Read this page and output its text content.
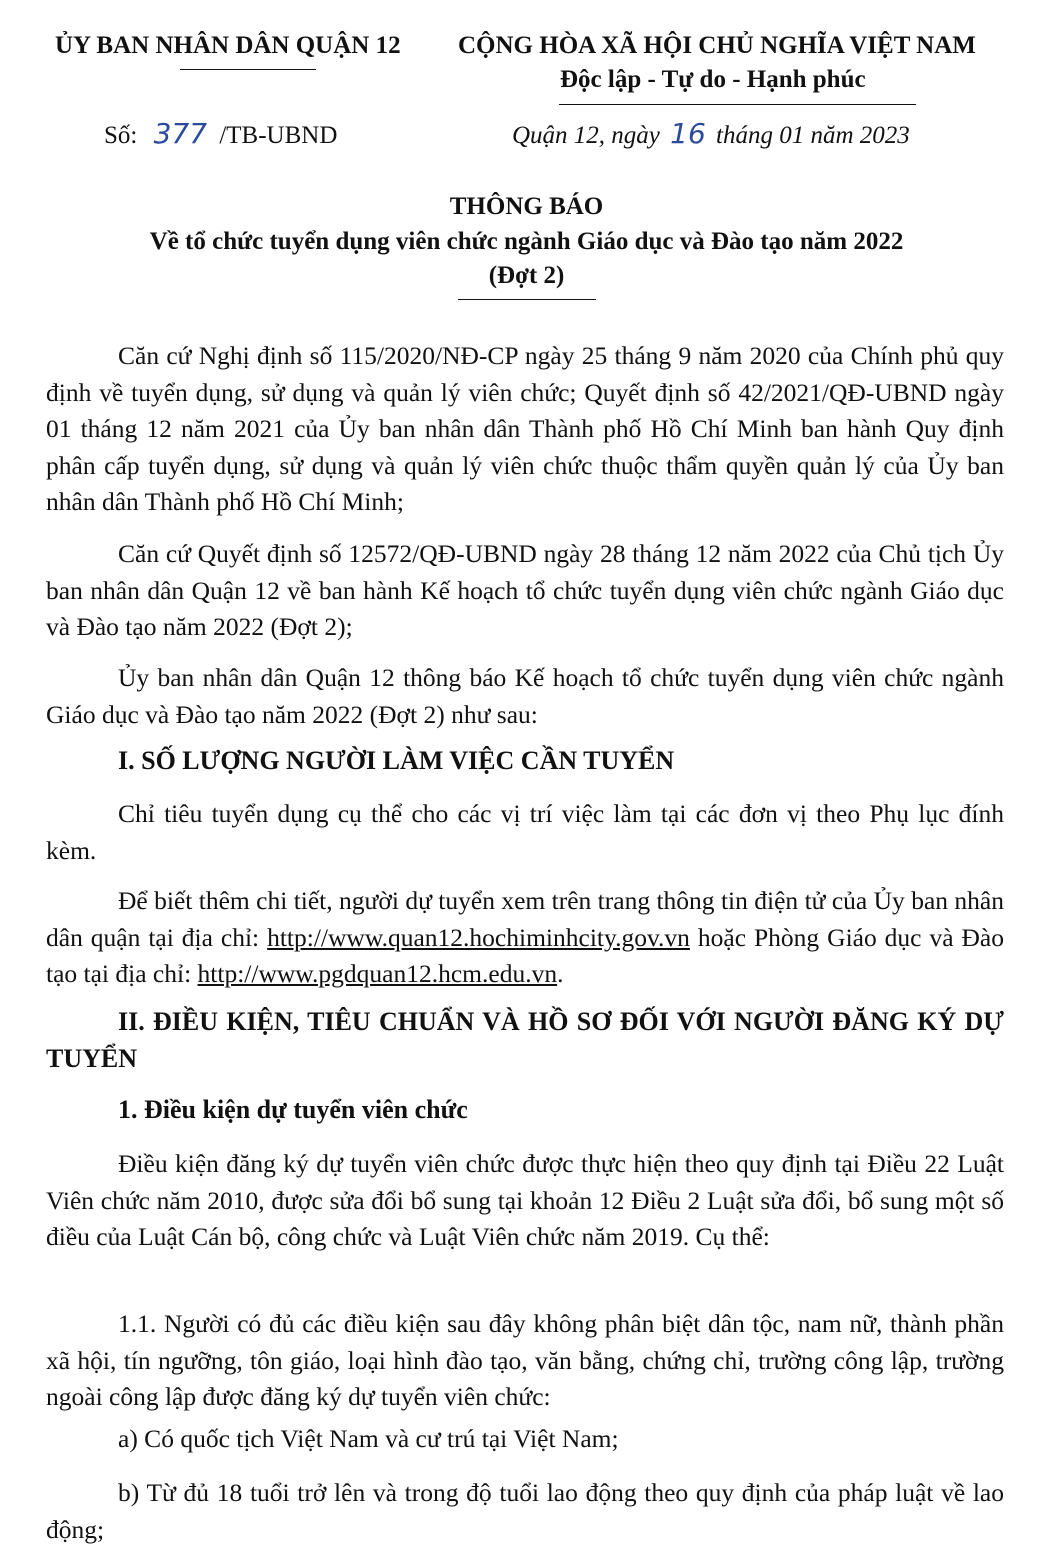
ỦY BAN NHÂN DÂN QUẬN 12 CỘNG HÒA XÃ HỘI CHỦ NGHĨA VIỆT NAM
Độc lập - Tự do - Hạnh phúc
Số: 377 /TB-UBND	Quận 12, ngày 16 tháng 01 năm 2023
THÔNG BÁO
Về tổ chức tuyển dụng viên chức ngành Giáo dục và Đào tạo năm 2022
(Đợt 2)
Căn cứ Nghị định số 115/2020/NĐ-CP ngày 25 tháng 9 năm 2020 của Chính phủ quy định về tuyển dụng, sử dụng và quản lý viên chức; Quyết định số 42/2021/QĐ-UBND ngày 01 tháng 12 năm 2021 của Ủy ban nhân dân Thành phố Hồ Chí Minh ban hành Quy định phân cấp tuyển dụng, sử dụng và quản lý viên chức thuộc thẩm quyền quản lý của Ủy ban nhân dân Thành phố Hồ Chí Minh;
Căn cứ Quyết định số 12572/QĐ-UBND ngày 28 tháng 12 năm 2022 của Chủ tịch Ủy ban nhân dân Quận 12 về ban hành Kế hoạch tổ chức tuyển dụng viên chức ngành Giáo dục và Đào tạo năm 2022 (Đợt 2);
Ủy ban nhân dân Quận 12 thông báo Kế hoạch tổ chức tuyển dụng viên chức ngành Giáo dục và Đào tạo năm 2022 (Đợt 2) như sau:
I. SỐ LƯỢNG NGƯỜI LÀM VIỆC CẦN TUYỂN
Chỉ tiêu tuyển dụng cụ thể cho các vị trí việc làm tại các đơn vị theo Phụ lục đính kèm.
Để biết thêm chi tiết, người dự tuyển xem trên trang thông tin điện tử của Ủy ban nhân dân quận tại địa chỉ: http://www.quan12.hochiminhcity.gov.vn hoặc Phòng Giáo dục và Đào tạo tại địa chỉ: http://www.pgdquan12.hcm.edu.vn.
II. ĐIỀU KIỆN, TIÊU CHUẨN VÀ HỒ SƠ ĐỐI VỚI NGƯỜI ĐĂNG KÝ DỰ TUYỂN
1. Điều kiện dự tuyển viên chức
Điều kiện đăng ký dự tuyển viên chức được thực hiện theo quy định tại Điều 22 Luật Viên chức năm 2010, được sửa đổi bổ sung tại khoản 12 Điều 2 Luật sửa đổi, bổ sung một số điều của Luật Cán bộ, công chức và Luật Viên chức năm 2019. Cụ thể:
1.1. Người có đủ các điều kiện sau đây không phân biệt dân tộc, nam nữ, thành phần xã hội, tín ngưỡng, tôn giáo, loại hình đào tạo, văn bằng, chứng chỉ, trường công lập, trường ngoài công lập được đăng ký dự tuyển viên chức:
a) Có quốc tịch Việt Nam và cư trú tại Việt Nam;
b) Từ đủ 18 tuổi trở lên và trong độ tuổi lao động theo quy định của pháp luật về lao động;
